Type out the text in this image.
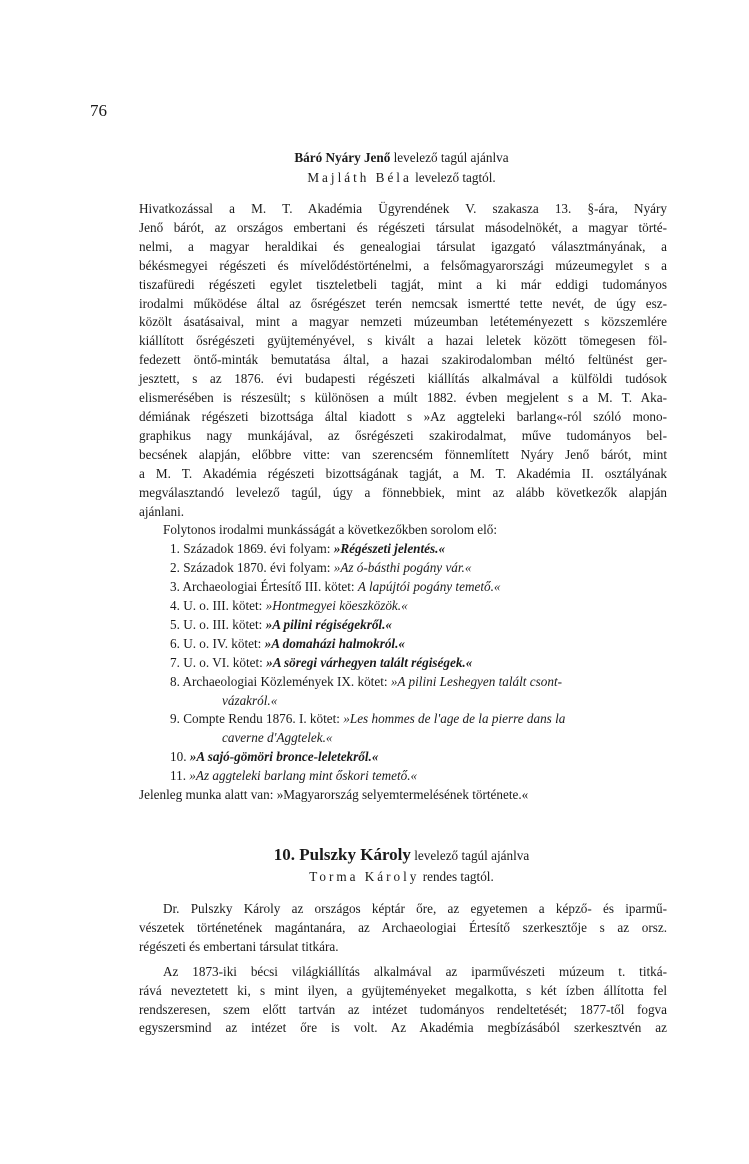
76

Báró Nyáry Jenő levelező tagúl ajánlva

Majláth Béla levelező tagtól.

Hivatkozással a M. T. Akadémia Ügyrendének V. szakasza 13. §-ára, Nyáry

Jenő bárót, az országos embertani és régészeti társulat másodelnökét, a magyar törté-

nelmi, a magyar heraldikai és genealogiai társulat igazgató választmányának, a

békésmegyei régészeti és mívelődéstörténelmi, a felsőmagyarországi múzeumegylet s a

tiszafüredi régészeti egylet tiszteletbeli tagját, mint a ki már eddigi tudományos

irodalmi működése által az ősrégészet terén nemcsak ismertté tette nevét, de úgy esz-

közölt ásatásaival, mint a magyar nemzeti múzeumban letéteményezett s közszemlére

kiállított ősrégészeti gyüjteményével, s kivált a hazai leletek között tömegesen föl-

fedezett öntő-minták bemutatása által, a hazai szakirodalomban méltó feltünést ger-

jesztett, s az 1876. évi budapesti régészeti kiállítás alkalmával a külföldi tudósok

elismerésében is részesült; s különösen a múlt 1882. évben megjelent s a M. T. Aka-

démiának régészeti bizottsága által kiadott s »Az aggteleki barlang«-ról szóló mono-

graphikus nagy munkájával, az ősrégészeti szakirodalmat, műve tudományos bel-

becsének alapján, előbbre vitte: van szerencsém fönnemlített Nyáry Jenő bárót, mint

a M. T. Akadémia régészeti bizottságának tagját, a M. T. Akadémia II. osztályának

megválasztandó levelező tagúl, úgy a fönnebbiek, mint az alább következők alapján

ajánlani.

Folytonos irodalmi munkásságát a következőkben sorolom elő:

1. Századok 1869. évi folyam: »Régészeti jelentés.«

2. Századok 1870. évi folyam: »Az ó-básthi pogány vár.«

3. Archaeologiai Értesítő III. kötet: A lapújtói pogány temető.«

4. U. o. III. kötet: »Hontmegyei köeszközök.«

5. U. o. III. kötet: »A pilini régiségekről.«

6. U. o. IV. kötet: »A domaházi halmokról.«

7. U. o. VI. kötet: »A söregi várhegyen talált régiségek.«

8. Archaeologiai Közlemények IX. kötet: »A pilini Leshegyen talált csont-

vázakról.«

9. Compte Rendu 1876. I. kötet: »Les hommes de l'age de la pierre dans la

caverne d'Aggtelek.«

10. »A sajó-gömöri bronce-leletekről.«

11. »Az aggteleki barlang mint őskori temető.«

Jelenleg munka alatt van: »Magyarország selyemtermelésének története.«

10. Pulszky Károly levelező tagúl ajánlva

Torma Károly rendes tagtól.

Dr. Pulszky Károly az országos képtár őre, az egyetemen a képző- és iparmű-

vészetek történetének magántanára, az Archaeologiai Értesítő szerkesztője s az orsz.

régészeti és embertani társulat titkára.

Az 1873-iki bécsi világkiállítás alkalmával az iparművészeti múzeum t. titká-

rává neveztetett ki, s mint ilyen, a gyüjteményeket megalkotta, s két ízben állította fel

rendszeresen, szem előtt tartván az intézet tudományos rendeltetését; 1877-től fogva

egyszersmind az intézet őre is volt. Az Akadémia megbízásából szerkesztvén az
